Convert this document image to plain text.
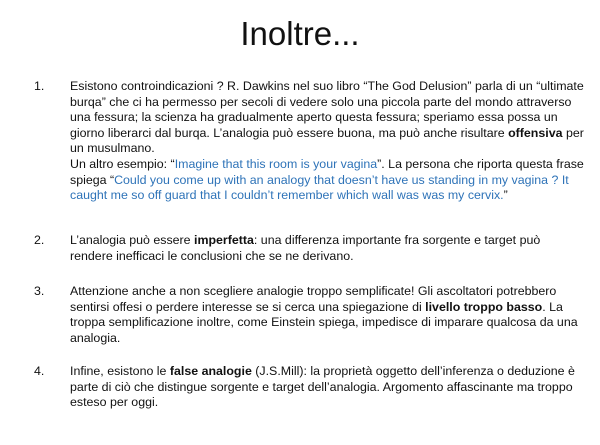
Inoltre...
1.	Esistono controindicazioni ? R. Dawkins nel suo libro “The God Delusion” parla di un “ultimate burqa” che ci ha permesso per secoli di vedere solo una piccola parte del mondo attraverso una fessura; la scienza ha gradualmente aperto questa fessura; speriamo essa possa un giorno liberarci dal burqa. L’analogia può essere buona, ma può anche risultare offensiva per un musulmano.

Un altro esempio: “Imagine that this room is your vagina”. La persona che riporta questa frase spiega “Could you come up with an analogy that doesn’t have us standing in my vagina ? It caught me so off guard that I couldn’t remember which wall was was my cervix.”

2.	L’analogia può essere imperfetta: una differenza importante fra sorgente e target può rendere inefficaci le conclusioni che se ne derivano.

3.	Attenzione anche a non scegliere analogie troppo semplificate! Gli ascoltatori potrebbero sentirsi offesi o perdere interesse se si cerca una spiegazione di livello troppo basso. La troppa semplificazione inoltre, come Einstein spiega, impedisce di imparare qualcosa da una analogia.

4.	Infine, esistono le false analogie (J.S.Mill): la proprietà oggetto dell’inferenza o deduzione è parte di ciò che distingue sorgente e target dell’analogia. Argomento affascinante ma troppo esteso per oggi.
